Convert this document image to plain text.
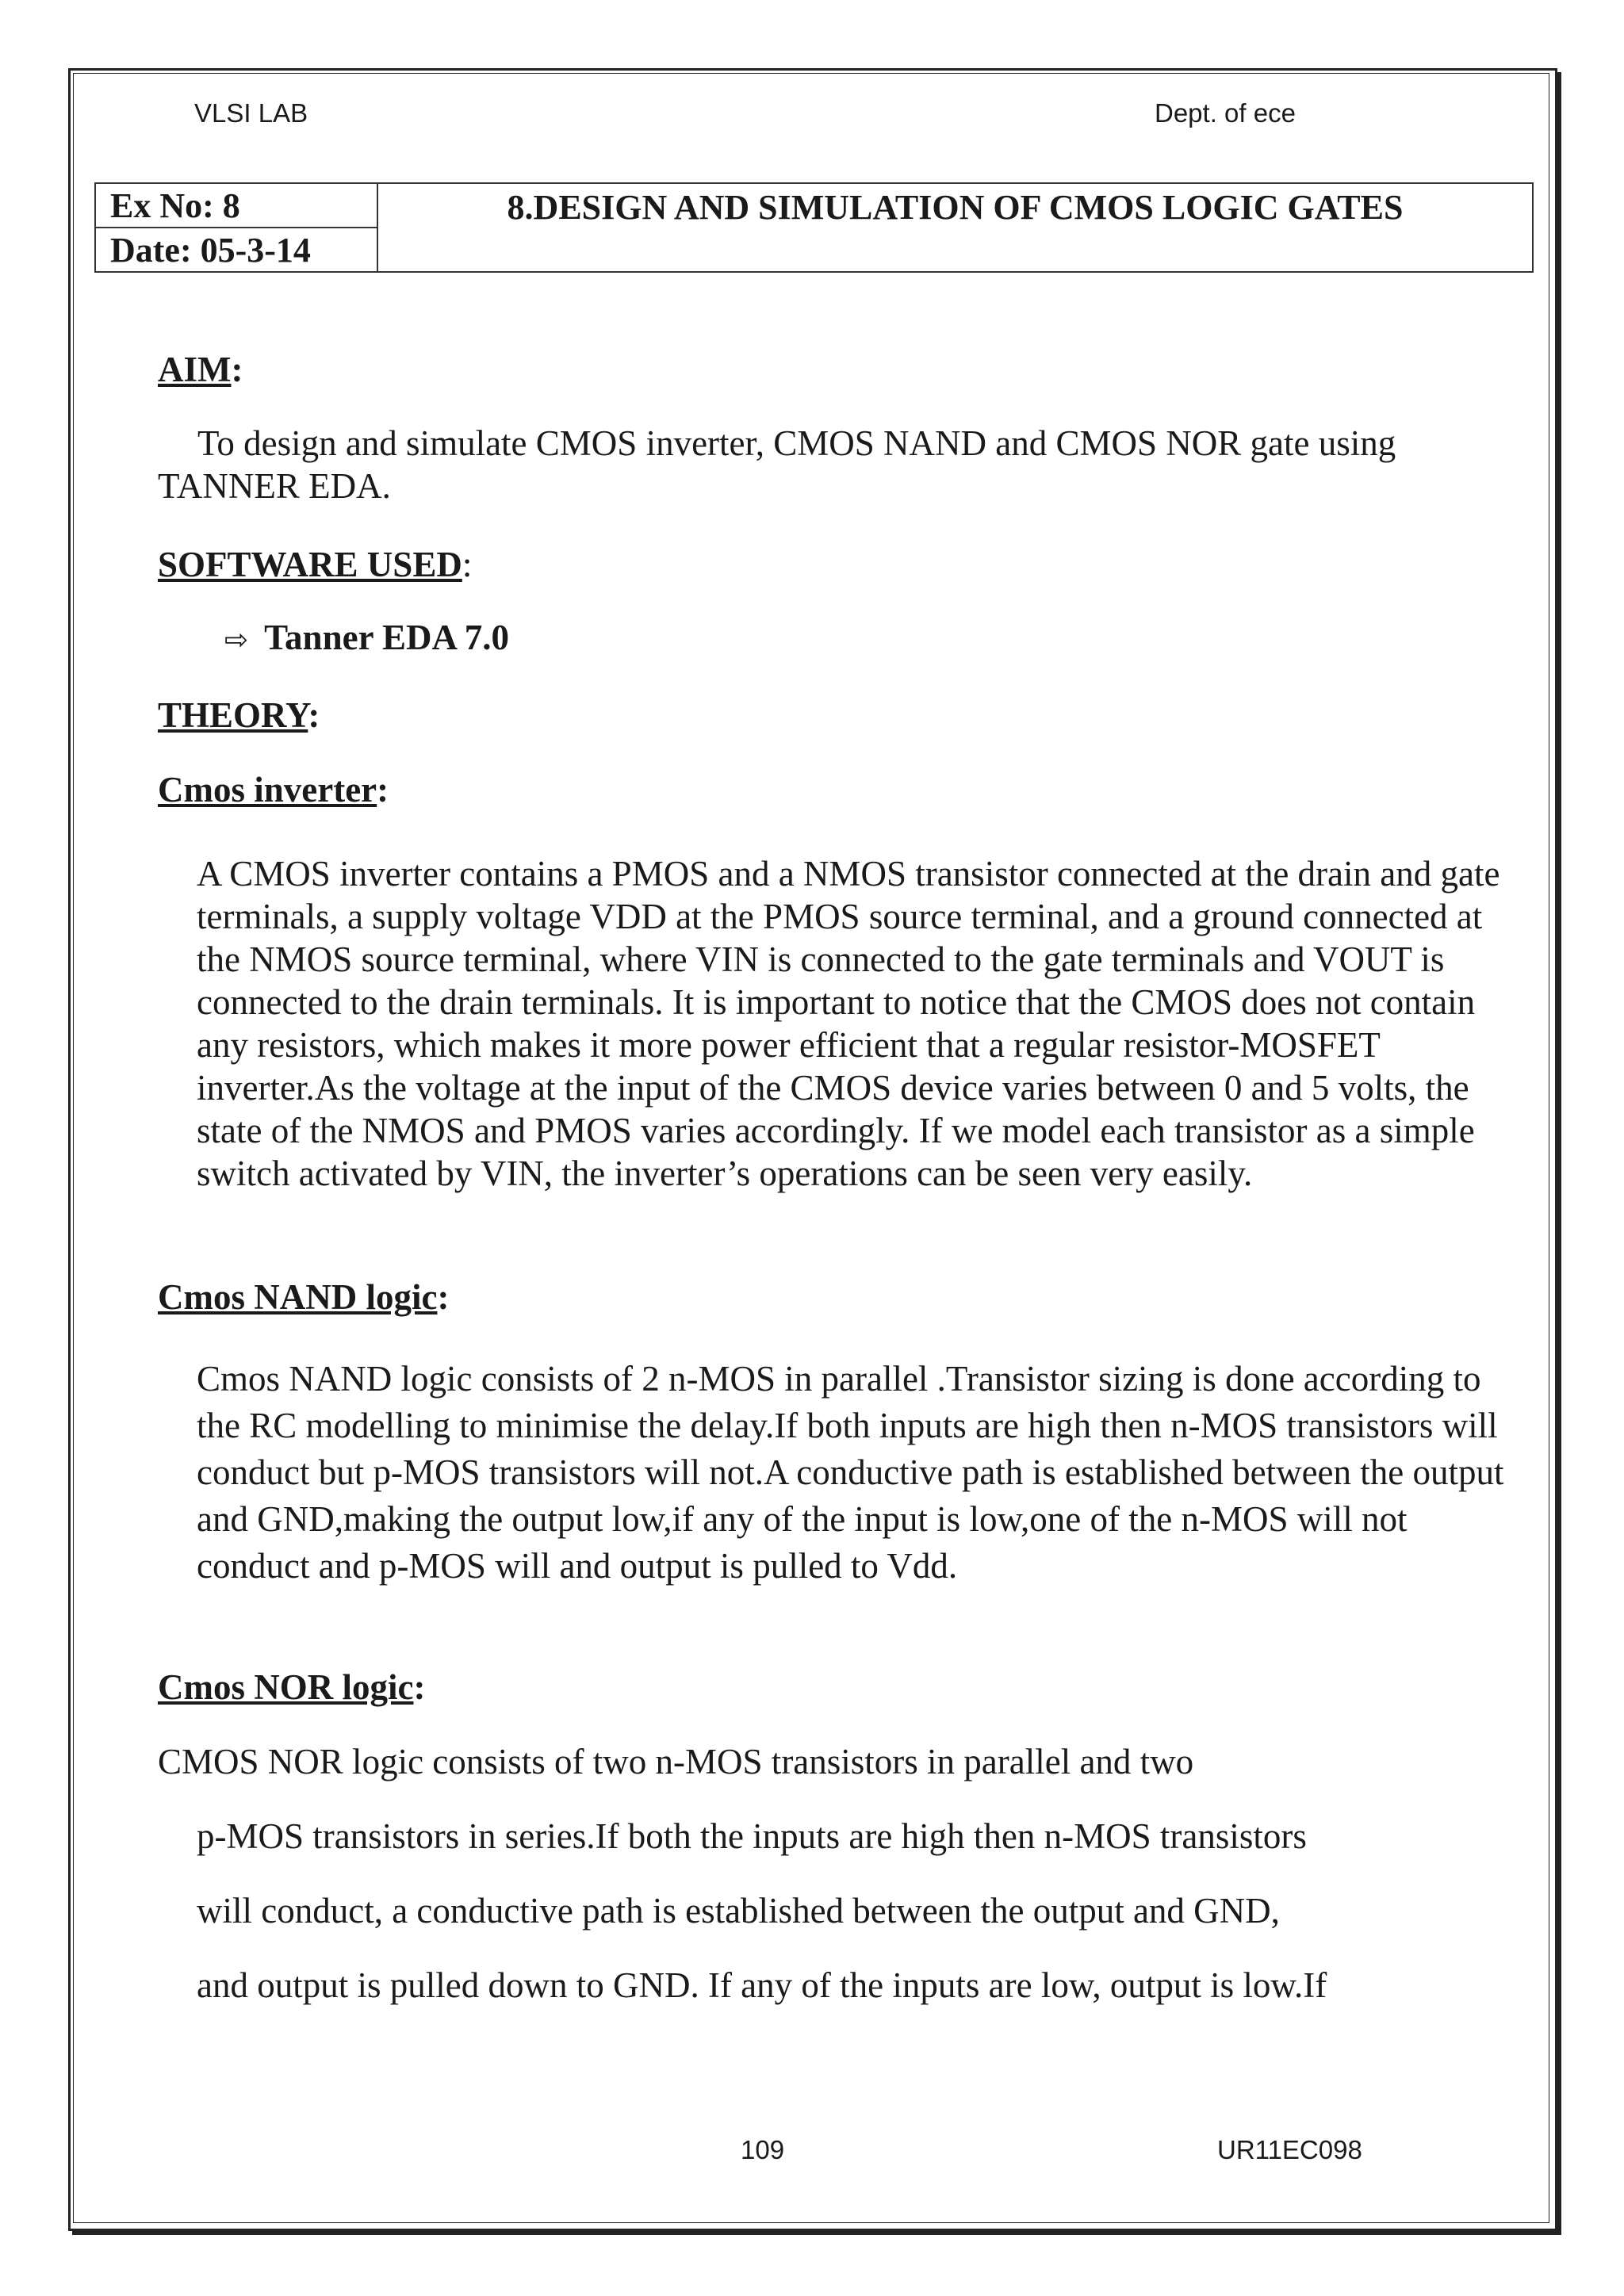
VLSI LAB	Dept. of ece
Ex No: 8	8.DESIGN AND SIMULATION OF CMOS LOGIC GATES
Date: 05-3-14
AIM:
To design and simulate CMOS inverter, CMOS NAND and CMOS NOR gate using TANNER EDA.
SOFTWARE USED:
⇨ Tanner EDA 7.0
THEORY:
Cmos inverter:
A CMOS inverter contains a PMOS and a NMOS transistor connected at the drain and gate terminals, a supply voltage VDD at the PMOS source terminal, and a ground connected at the NMOS source terminal, where VIN is connected to the gate terminals and VOUT is connected to the drain terminals. It is important to notice that the CMOS does not contain any resistors, which makes it more power efficient that a regular resistor-MOSFET inverter.As the voltage at the input of the CMOS device varies between 0 and 5 volts, the state of the NMOS and PMOS varies accordingly. If we model each transistor as a simple switch activated by VIN, the inverter’s operations can be seen very easily.
Cmos NAND logic:
Cmos NAND logic consists of 2 n-MOS in parallel .Transistor sizing is done according to the RC modelling to minimise the delay.If both inputs are high then n-MOS transistors will conduct but p-MOS transistors will not.A conductive path is established between the output and GND,making the output low,if any of the input is low,one of the n-MOS will not conduct and p-MOS will and output is pulled to Vdd.
Cmos NOR logic:
CMOS NOR logic consists of two n-MOS transistors in parallel and two
p-MOS transistors in series.If both the inputs are high then n-MOS transistors
will conduct, a conductive path is established between the output and GND,
and output is pulled down to GND. If any of the inputs are low, output is low.If
109	UR11EC098
